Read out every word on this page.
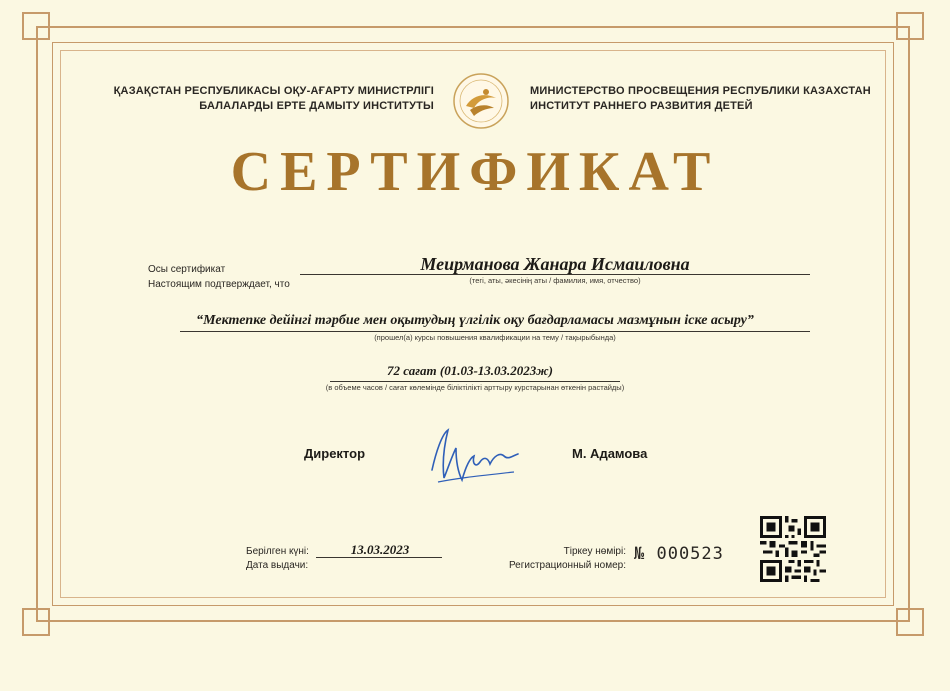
ҚАЗАҚСТАН РЕСПУБЛИКАСЫ ОҚУ-АҒАРТУ МИНИСТРЛІГІ
БАЛАЛАРДЫ ЕРТЕ ДАМЫТУ ИНСТИТУТЫ
МИНИСТЕРСТВО ПРОСВЕЩЕНИЯ РЕСПУБЛИКИ КАЗАХСТАН
ИНСТИТУТ РАННЕГО РАЗВИТИЯ ДЕТЕЙ
СЕРТИФИКАТ
Осы сертификат
Настоящим подтверждает, что
Меирманова Жанара Исмаиловна
(тегі, аты, әкесінің аты / фамилия, имя, отчество)
“Мектепке дейінгі тәрбие мен оқытудың үлгілік оқу бағдарламасы мазмұнын іске асыру”
(прошел(а) курсы повышения квалификации на тему / тақырыбында)
72 сағат (01.03-13.03.2023ж)
(в объеме часов / сағат көлемінде біліктілікті арттыру курстарынан өткенін растайды)
Директор	М. Адамова
Берілген күні:
Дата выдачи:
13.03.2023	Тіркеу нөмірі:
Регистрационный номер:
№ 000523
